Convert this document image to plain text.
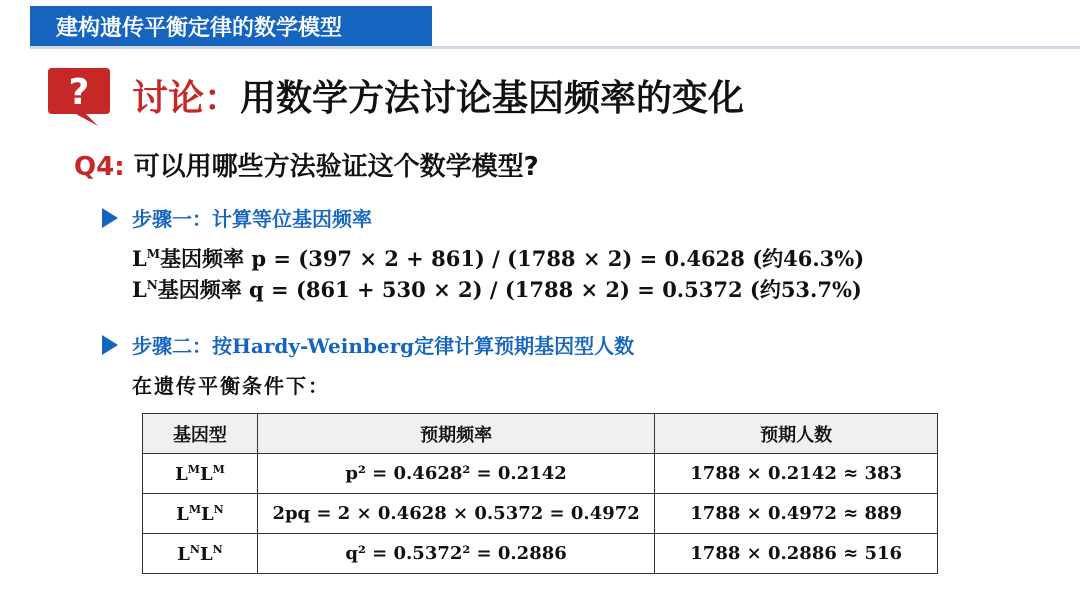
建构遗传平衡定律的数学模型
? 讨论：用数学方法讨论基因频率的变化
Q4: 可以用哪些方法验证这个数学模型?
步骤一：计算等位基因频率
$L^M$基因频率 p = (397 × 2 + 861) / (1788 × 2) = 0.4628 (约46.3%)
$L^N$基因频率 q = (861 + 530 × 2) / (1788 × 2) = 0.5372 (约53.7%)
步骤二：按Hardy-Weinberg定律计算预期基因型人数
在遗传平衡条件下：
基因型	预期频率	预期人数
$L^ML^M$	p² = 0.4628² = 0.2142	1788 × 0.2142 ≈ 383
$L^ML^N$	2pq = 2 × 0.4628 × 0.5372 = 0.4972	1788 × 0.4972 ≈ 889
$L^NL^N$	q² = 0.5372² = 0.2886	1788 × 0.2886 ≈ 516
